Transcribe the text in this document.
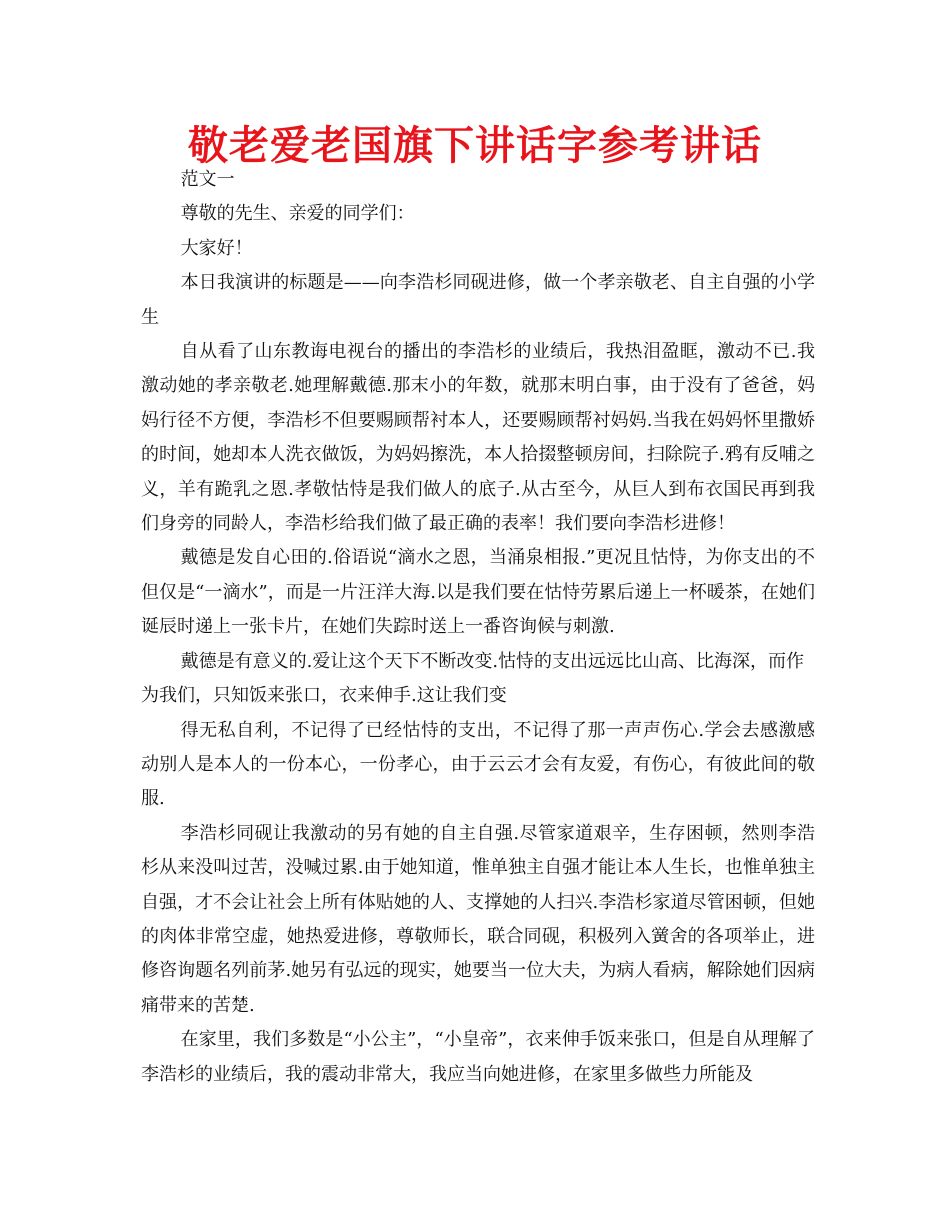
敬老爱老国旗下讲话字参考讲话

范文一

尊敬的先生、亲爱的同学们：

大家好！

本日我演讲的标题是——向李浩杉同砚进修，做一个孝亲敬老、自主自强的小学生

自从看了山东教诲电视台的播出的李浩杉的业绩后，我热泪盈眶，激动不已.我激动她的孝亲敬老.她理解戴德.那末小的年数，就那末明白事，由于没有了爸爸，妈妈行径不方便，李浩杉不但要赐顾帮衬本人，还要赐顾帮衬妈妈.当我在妈妈怀里撒娇的时间，她却本人洗衣做饭，为妈妈擦洗，本人拾掇整顿房间，扫除院子.鸦有反哺之义，羊有跪乳之恩.孝敬怙恃是我们做人的底子.从古至今，从巨人到布衣国民再到我们身旁的同龄人，李浩杉给我们做了最正确的表率！我们要向李浩杉进修！

戴德是发自心田的.俗语说“滴水之恩，当涌泉相报.”更况且怙恃，为你支出的不但仅是“一滴水”，而是一片汪洋大海.以是我们要在怙恃劳累后递上一杯暖茶，在她们诞辰时递上一张卡片，在她们失踪时送上一番咨询候与刺激.

戴德是有意义的.爱让这个天下不断改变.怙恃的支出远远比山高、比海深，而作为我们，只知饭来张口，衣来伸手.这让我们变

得无私自利，不记得了已经怙恃的支出，不记得了那一声声伤心.学会去感激感动别人是本人的一份本心，一份孝心，由于云云才会有友爱，有伤心，有彼此间的敬服.

李浩杉同砚让我激动的另有她的自主自强.尽管家道艰辛，生存困顿，然则李浩杉从来没叫过苦，没喊过累.由于她知道，惟单独主自强才能让本人生长，也惟单独主自强，才不会让社会上所有体贴她的人、支撑她的人扫兴.李浩杉家道尽管困顿，但她的肉体非常空虚，她热爱进修，尊敬师长，联合同砚，积极列入黉舍的各项举止，进修咨询题名列前茅.她另有弘远的现实，她要当一位大夫，为病人看病，解除她们因病痛带来的苦楚.

在家里，我们多数是“小公主”，“小皇帝”，衣来伸手饭来张口，但是自从理解了李浩杉的业绩后，我的震动非常大，我应当向她进修，在家里多做些力所能及
